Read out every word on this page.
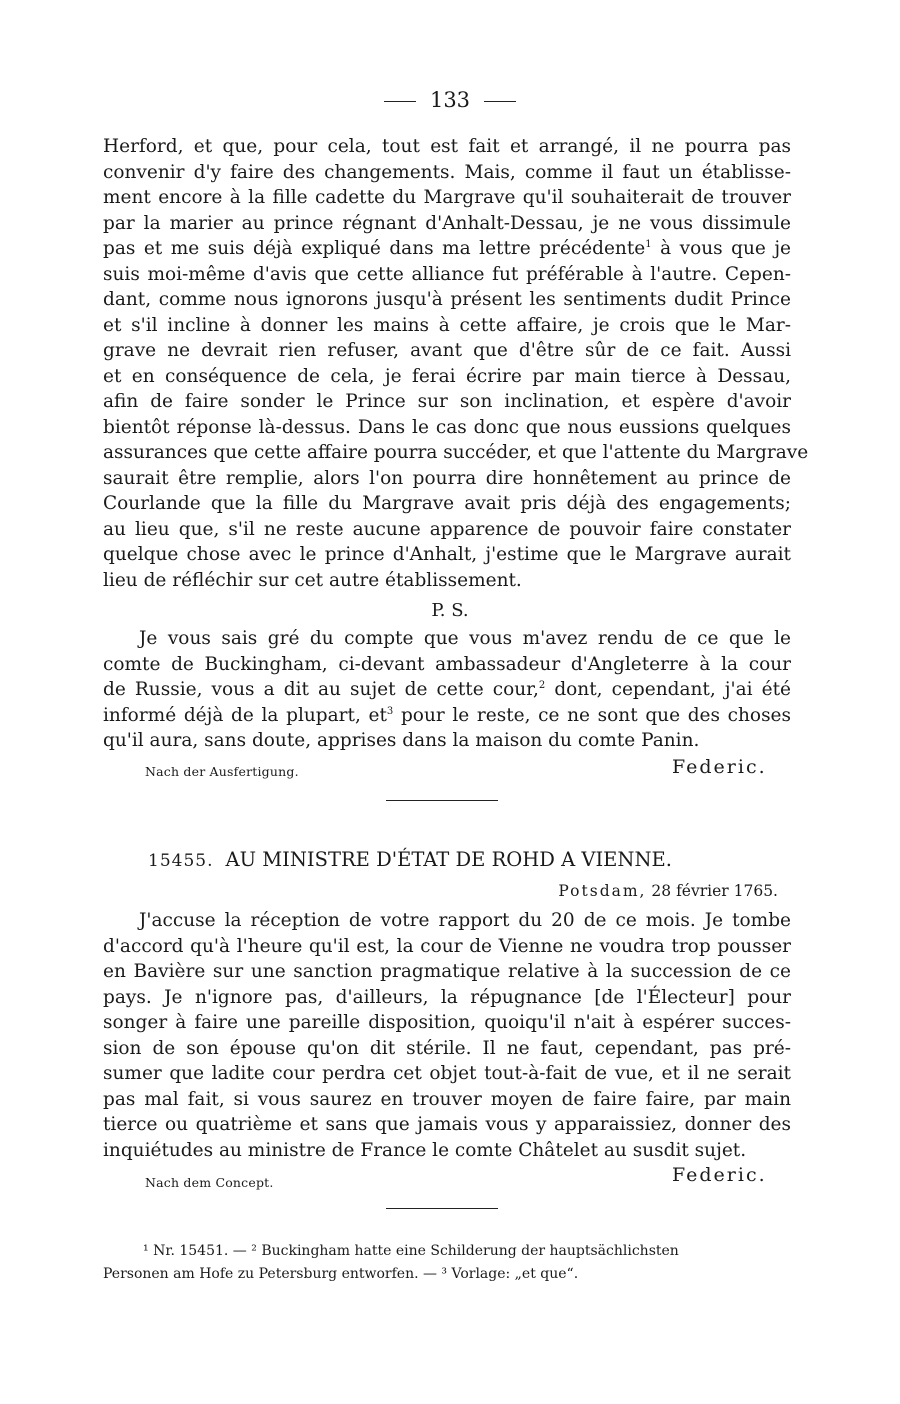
133
Herford, et que, pour cela, tout est fait et arrangé, il ne pourra pas
convenir d'y faire des changements. Mais, comme il faut un établisse-
ment encore à la fille cadette du Margrave qu'il souhaiterait de trouver
par la marier au prince régnant d'Anhalt-Dessau, je ne vous dissimule
pas et me suis déjà expliqué dans ma lettre précédente$^1$ à vous que je
suis moi-même d'avis que cette alliance fut préférable à l'autre. Cepen-
dant, comme nous ignorons jusqu'à présent les sentiments dudit Prince
et s'il incline à donner les mains à cette affaire, je crois que le Mar-
grave ne devrait rien refuser, avant que d'être sûr de ce fait. Aussi
et en conséquence de cela, je ferai écrire par main tierce à Dessau,
afin de faire sonder le Prince sur son inclination, et espère d'avoir
bientôt réponse là-dessus. Dans le cas donc que nous eussions quelques
assurances que cette affaire pourra succéder, et que l'attente du Margrave
saurait être remplie, alors l'on pourra dire honnêtement au prince de
Courlande que la fille du Margrave avait pris déjà des engagements;
au lieu que, s'il ne reste aucune apparence de pouvoir faire constater
quelque chose avec le prince d'Anhalt, j'estime que le Margrave aurait
lieu de réfléchir sur cet autre établissement.
P. S.
Je vous sais gré du compte que vous m'avez rendu de ce que le
comte de Buckingham, ci-devant ambassadeur d'Angleterre à la cour
de Russie, vous a dit au sujet de cette cour,$^2$ dont, cependant, j'ai été
informé déjà de la plupart, $et^3$ pour le reste, ce ne sont que des choses
qu'il aura, sans doute, apprises dans la maison du comte Panin.
Nach der Ausfertigung.	Federic.
15455. AU MINISTRE D'ÉTAT DE ROHD A VIENNE.
Potsdam, 28 février 1765.
J'accuse la réception de votre rapport du 20 de ce mois. Je tombe
d'accord qu'à l'heure qu'il est, la cour de Vienne ne voudra trop pousser
en Bavière sur une sanction pragmatique relative à la succession de ce
pays. Je n'ignore pas, d'ailleurs, la répugnance [de l'Électeur] pour
songer à faire une pareille disposition, quoiqu'il n'ait à espérer succes-
sion de son épouse qu'on dit stérile. Il ne faut, cependant, pas pré-
sumer que ladite cour perdra cet objet tout-à-fait de vue, et il ne serait
pas mal fait, si vous saurez en trouver moyen de faire faire, par main
tierce ou quatrième et sans que jamais vous y apparaissiez, donner des
inquiétudes au ministre de France le comte Châtelet au susdit sujet.
Nach dem Concept.	Federic.
¹ Nr. 15451. — ² Buckingham hatte eine Schilderung der hauptsächlichsten
Personen am Hofe zu Petersburg entworfen. — ³ Vorlage: „et que“.
